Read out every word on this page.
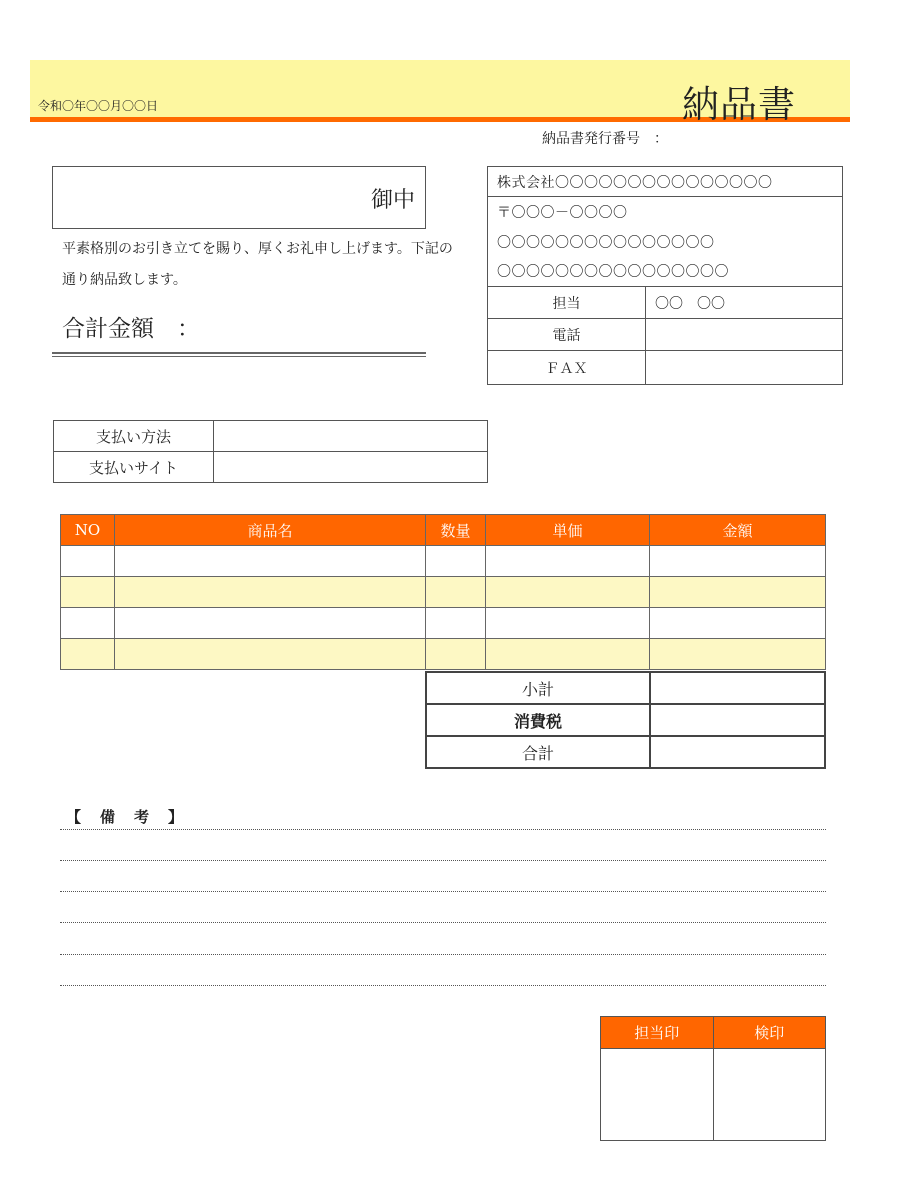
令和〇年〇〇月〇〇日	納品書
納品書発行番号　：
御中
平素格別のお引き立てを賜り、厚くお礼申し上げます。下記の通り納品致します。
合計金額　：
株式会社〇〇〇〇〇〇〇〇〇〇〇〇〇〇〇	
〒〇〇〇－〇〇〇〇	
〇〇〇〇〇〇〇〇〇〇〇〇〇〇〇	
〇〇〇〇〇〇〇〇〇〇〇〇〇〇〇〇	
担当	〇〇　〇〇
電話	
ＦＡＸ	
支払い方法	
支払いサイト	
NO	商品名	数量	単価	金額

小計	
消費税	
合計	
【　備　考　】
担当印	検印
